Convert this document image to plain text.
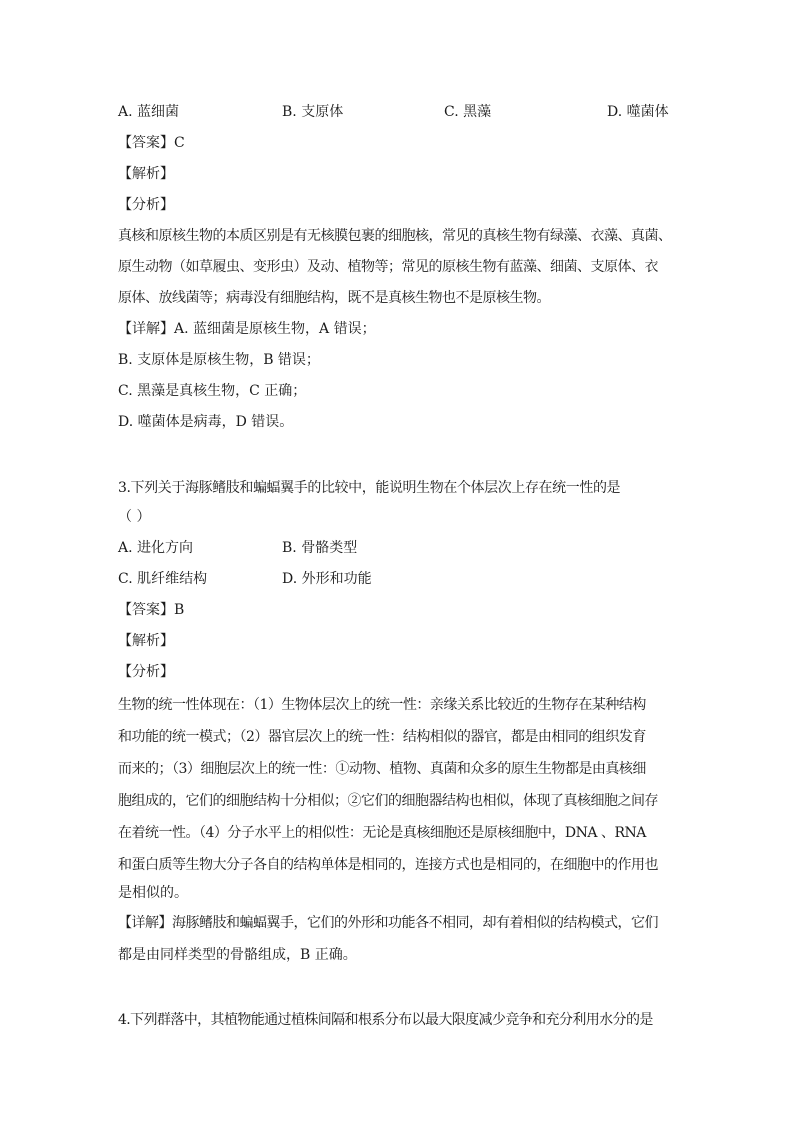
A. 蓝细菌	B. 支原体	C. 黑藻	D. 噬菌体
【答案】C
【解析】
【分析】
真核和原核生物的本质区别是有无核膜包裹的细胞核，常见的真核生物有绿藻、衣藻、真菌、
原生动物（如草履虫、变形虫）及动、植物等；常见的原核生物有蓝藻、细菌、支原体、衣
原体、放线菌等；病毒没有细胞结构，既不是真核生物也不是原核生物。
【详解】A. 蓝细菌是原核生物，A 错误；
B. 支原体是原核生物，B 错误；
C. 黑藻是真核生物，C 正确；
D. 噬菌体是病毒，D 错误。
3.下列关于海豚鳍肢和蝙蝠翼手的比较中，能说明生物在个体层次上存在统一性的是
（ ）
A. 进化方向	B. 骨骼类型
C. 肌纤维结构	D. 外形和功能
【答案】B
【解析】
【分析】
生物的统一性体现在：（1）生物体层次上的统一性：亲缘关系比较近的生物存在某种结构
和功能的统一模式；（2）器官层次上的统一性：结构相似的器官，都是由相同的组织发育
而来的；（3）细胞层次上的统一性：①动物、植物、真菌和众多的原生生物都是由真核细
胞组成的，它们的细胞结构十分相似；②它们的细胞器结构也相似，体现了真核细胞之间存
在着统一性。（4）分子水平上的相似性：无论是真核细胞还是原核细胞中，DNA 、RNA
和蛋白质等生物大分子各自的结构单体是相同的，连接方式也是相同的，在细胞中的作用也
是相似的。
【详解】海豚鳍肢和蝙蝠翼手，它们的外形和功能各不相同，却有着相似的结构模式，它们
都是由同样类型的骨骼组成，B 正确。
4.下列群落中，其植物能通过植株间隔和根系分布以最大限度减少竞争和充分利用水分的是
